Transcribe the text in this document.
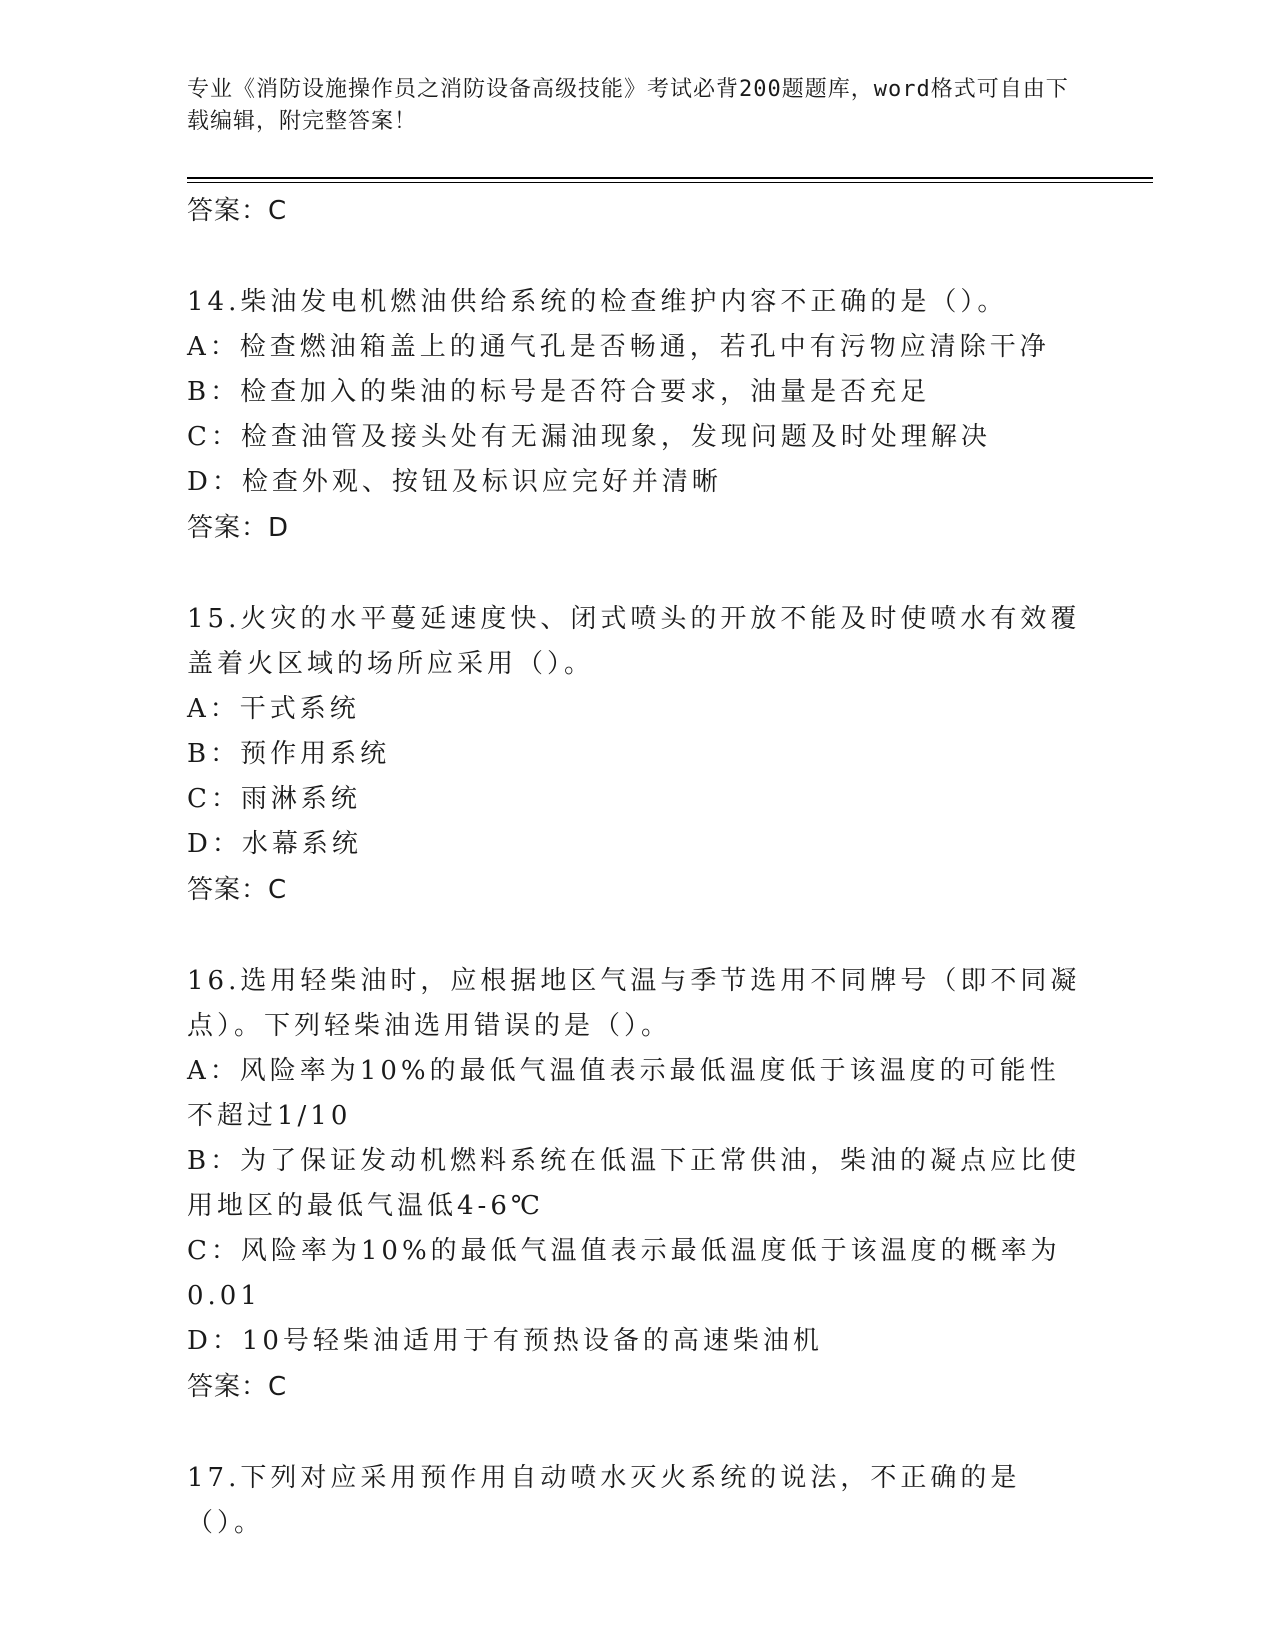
专业《消防设施操作员之消防设备高级技能》考试必背200题题库，word格式可自由下载编辑，附完整答案！
答案：C
14.柴油发电机燃油供给系统的检查维护内容不正确的是（）。
A：检查燃油箱盖上的通气孔是否畅通，若孔中有污物应清除干净
B：检查加入的柴油的标号是否符合要求，油量是否充足
C：检查油管及接头处有无漏油现象，发现问题及时处理解决
D：检查外观、按钮及标识应完好并清晰
答案：D
15.火灾的水平蔓延速度快、闭式喷头的开放不能及时使喷水有效覆盖着火区域的场所应采用（）。
A：干式系统
B：预作用系统
C：雨淋系统
D：水幕系统
答案：C
16.选用轻柴油时，应根据地区气温与季节选用不同牌号（即不同凝点）。下列轻柴油选用错误的是（）。
A：风险率为10%的最低气温值表示最低温度低于该温度的可能性不超过1/10
B：为了保证发动机燃料系统在低温下正常供油，柴油的凝点应比使用地区的最低气温低4-6℃
C：风险率为10%的最低气温值表示最低温度低于该温度的概率为0.01
D：10号轻柴油适用于有预热设备的高速柴油机
答案：C
17.下列对应采用预作用自动喷水灭火系统的说法，不正确的是（）。
